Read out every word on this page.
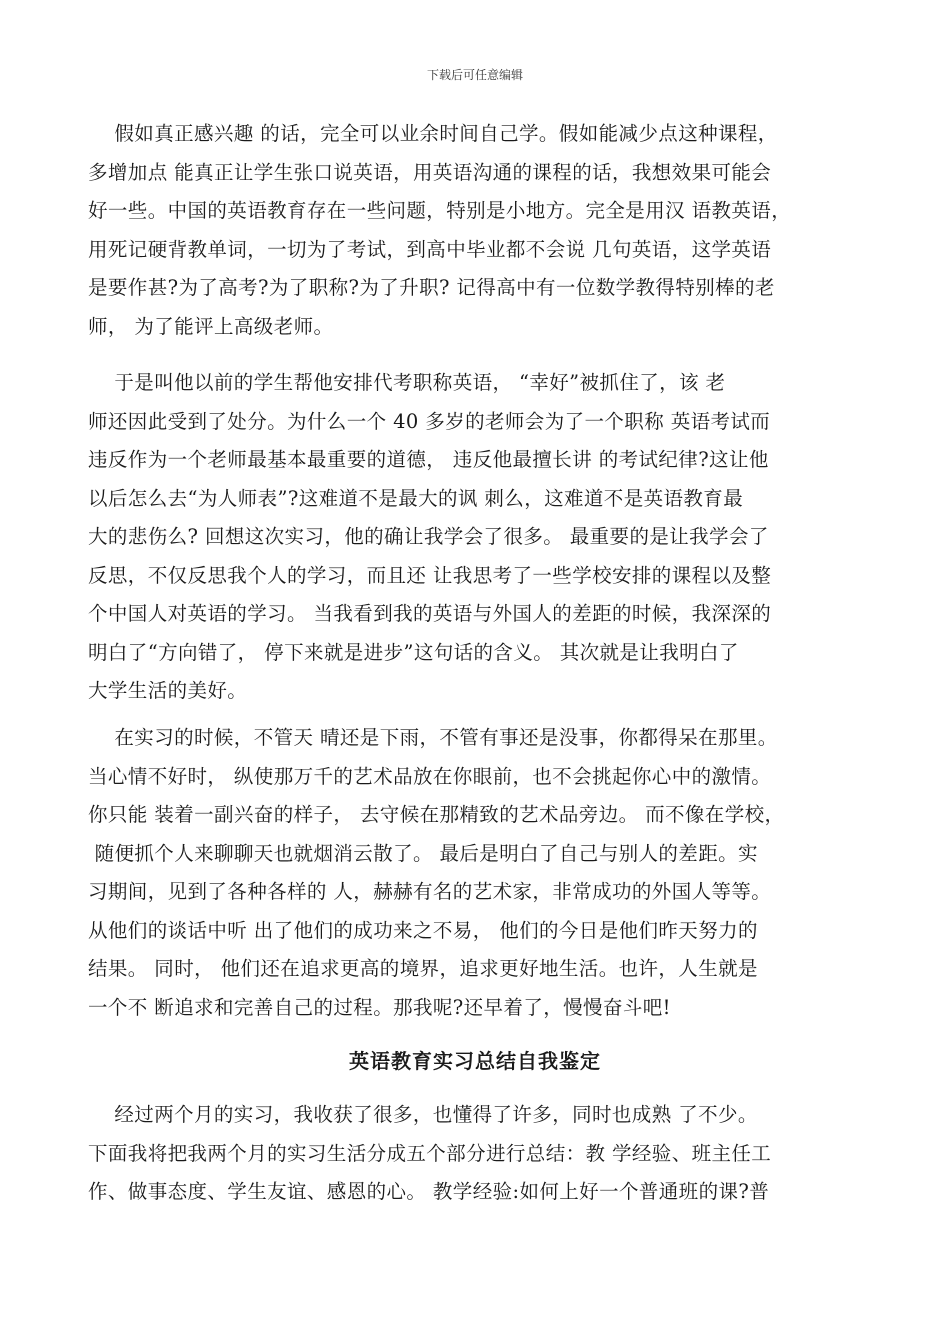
下载后可任意编辑
假如真正感兴趣 的话，完全可以业余时间自己学。假如能减少点这种课程，
多增加点 能真正让学生张口说英语，用英语沟通的课程的话，我想效果可能会
好一些。中国的英语教育存在一些问题，特别是小地方。完全是用汉 语教英语，
用死记硬背教单词，一切为了考试，到高中毕业都不会说 几句英语，这学英语
是要作甚?为了高考?为了职称?为了升职? 记得高中有一位数学教得特别棒的老
师， 为了能评上高级老师。
于是叫他以前的学生帮他安排代考职称英语， “幸好”被抓住了，该 老
师还因此受到了处分。为什么一个 40 多岁的老师会为了一个职称 英语考试而
违反作为一个老师最基本最重要的道德， 违反他最擅长讲 的考试纪律?这让他
以后怎么去“为人师表”?这难道不是最大的讽 刺么，这难道不是英语教育最
大的悲伤么? 回想这次实习，他的确让我学会了很多。 最重要的是让我学会了
反思，不仅反思我个人的学习，而且还 让我思考了一些学校安排的课程以及整
个中国人对英语的学习。 当我看到我的英语与外国人的差距的时候，我深深的
明白了“方向错了， 停下来就是进步”这句话的含义。 其次就是让我明白了
大学生活的美好。
在实习的时候，不管天 晴还是下雨，不管有事还是没事，你都得呆在那里。
当心情不好时， 纵使那万千的艺术品放在你眼前，也不会挑起你心中的激情。
你只能 装着一副兴奋的样子， 去守候在那精致的艺术品旁边。 而不像在学校，
随便抓个人来聊聊天也就烟消云散了。 最后是明白了自己与别人的差距。实
习期间，见到了各种各样的 人，赫赫有名的艺术家，非常成功的外国人等等。
从他们的谈话中听 出了他们的成功来之不易， 他们的今日是他们昨天努力的
结果。 同时， 他们还在追求更高的境界，追求更好地生活。也许，人生就是
一个不 断追求和完善自己的过程。那我呢?还早着了，慢慢奋斗吧!
英语教育实习总结自我鉴定
经过两个月的实习，我收获了很多，也懂得了许多，同时也成熟 了不少。
下面我将把我两个月的实习生活分成五个部分进行总结：教 学经验、班主任工
作、做事态度、学生友谊、感恩的心。 教学经验:如何上好一个普通班的课?普
